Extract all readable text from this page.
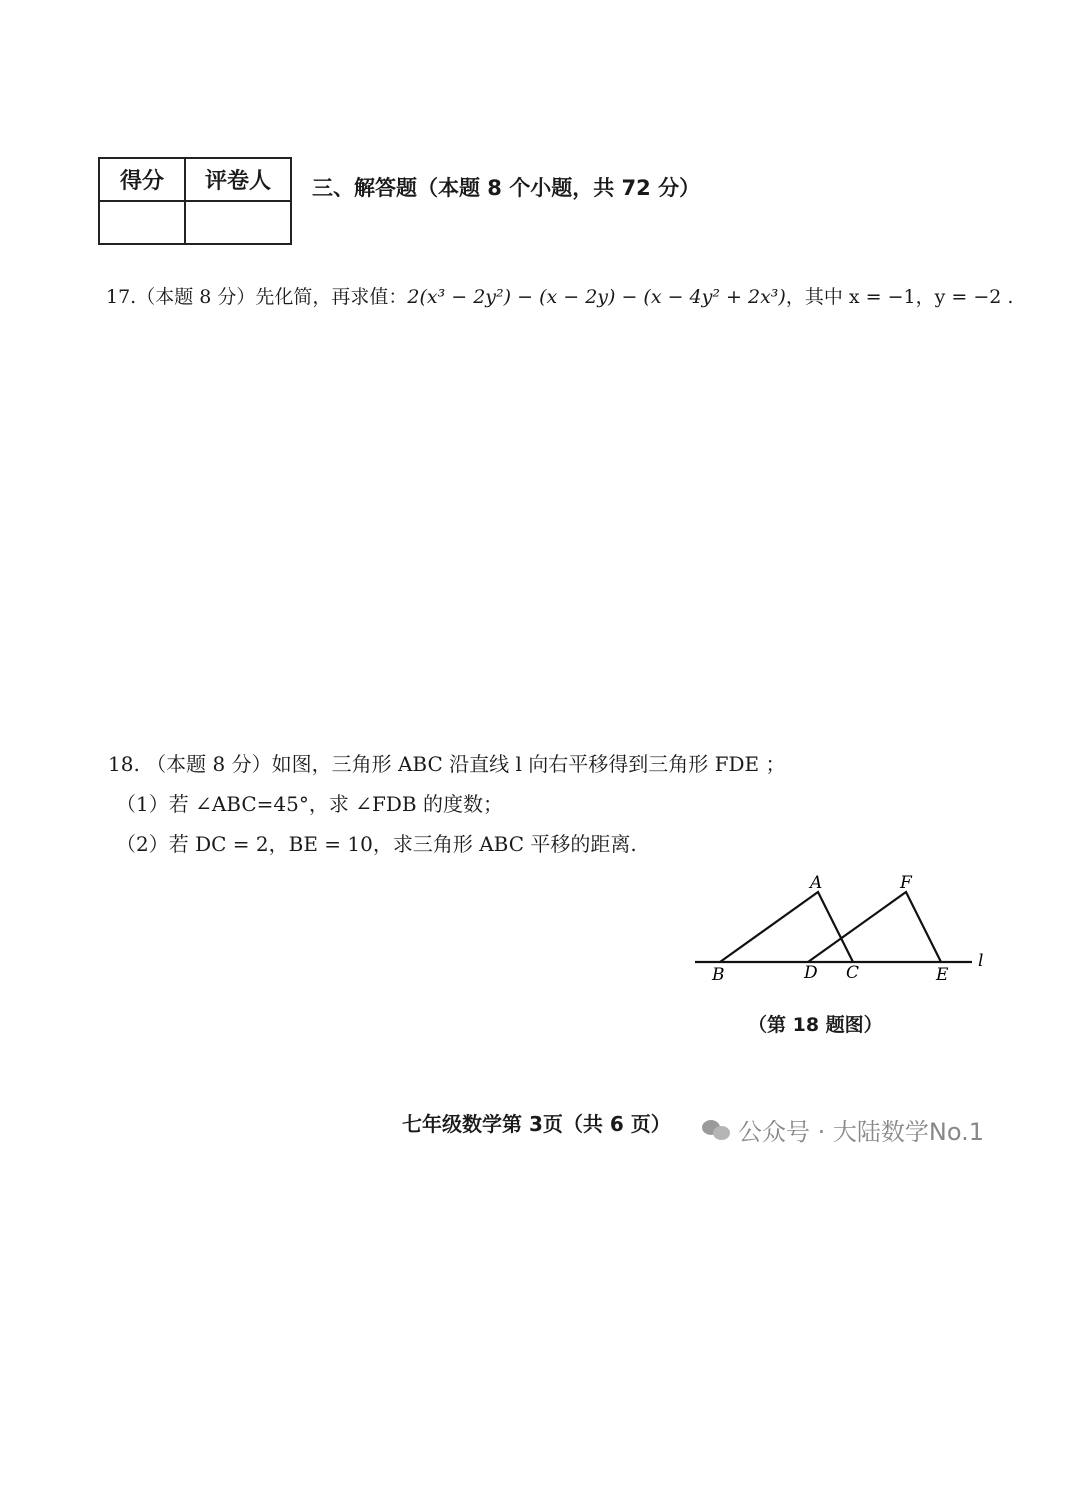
得分	评卷人
	三、解答题（本题 8 个小题，共 72 分）
17.（本题 8 分）先化简，再求值：2(x³ − 2y²) − (x − 2y) − (x − 4y² + 2x³)，其中 x = −1，y = −2 .
18. （本题 8 分）如图，三角形 ABC 沿直线 l 向右平移得到三角形 FDE ；
（1）若 ∠ABC=45°，求 ∠FDB 的度数；
（2）若 DC = 2，BE = 10，求三角形 ABC 平移的距离.
A	F
B	D C	E
l
（第 18 题图）
七年级数学第 3页（共 6 页）	公众号 · 大陆数学No.1
